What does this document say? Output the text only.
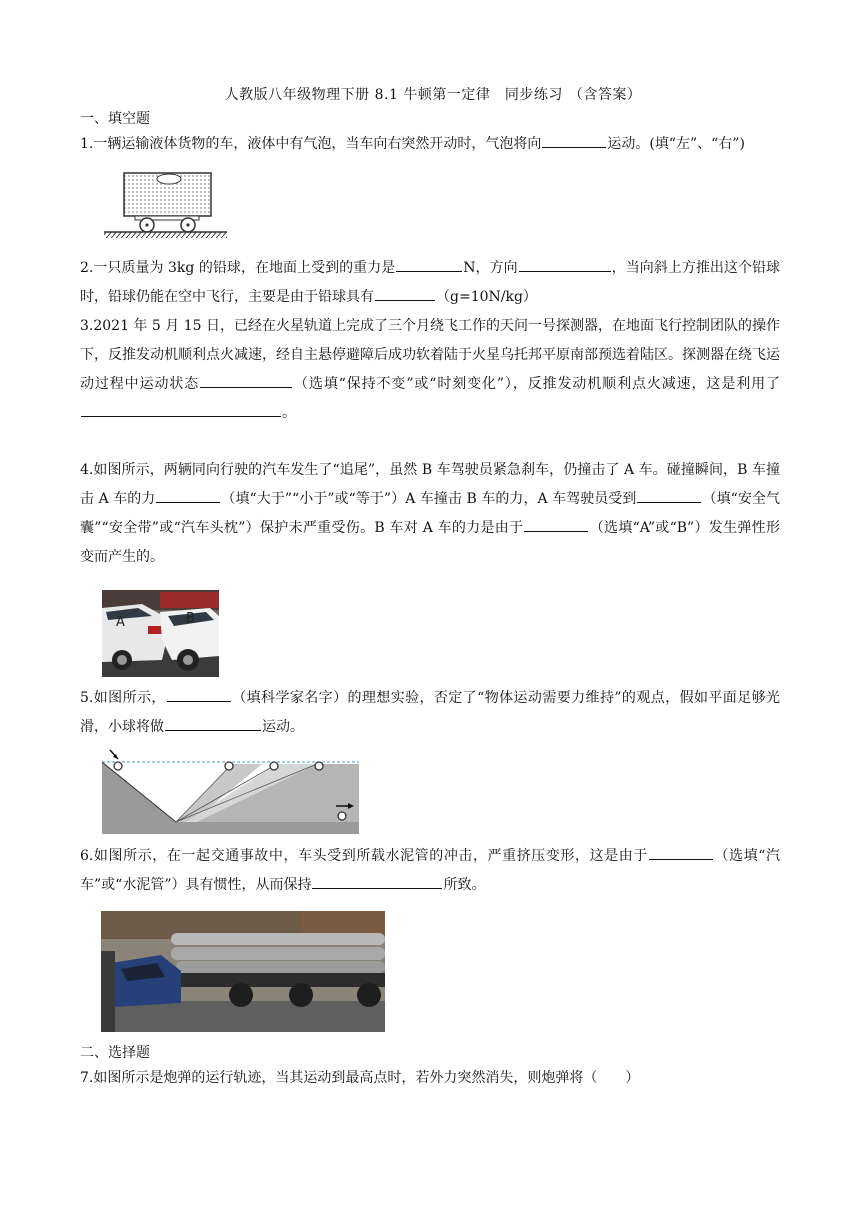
人教版八年级物理下册 8.1 牛顿第一定律　同步练习 （含答案）
一、填空题
1.一辆运输液体货物的车，液体中有气泡，当车向右突然开动时，气泡将向	运动。(填“左”、“右”)
2.一只质量为 3kg 的铅球，在地面上受到的重力是	N，方向	，当向斜上方推出这个铅球时，铅球仍能在空中飞行，主要是由于铅球具有	（g=10N/kg）
3.2021 年 5 月 15 日，已经在火星轨道上完成了三个月绕飞工作的天问一号探测器，在地面飞行控制团队的操作下，反推发动机顺利点火减速，经自主悬停避障后成功软着陆于火星乌托邦平原南部预选着陆区。探测器在绕飞运动过程中运动状态	（选填“保持不变”或“时刻变化”），反推发动机顺利点火减速，这是利用了。
4.如图所示，两辆同向行驶的汽车发生了“追尾”，虽然 B 车驾驶员紧急刹车，仍撞击了 A 车。碰撞瞬间，B 车撞击 A 车的力	（填“大于”“小于”或“等于”）A 车撞击 B 车的力，A 车驾驶员受到	（填“安全气囊”“安全带”或“汽车头枕”）保护未严重受伤。B 车对 A 车的力是由于	（选填“A”或“B”）发生弹性形变而产生的。
A	B
5.如图所示，	（填科学家名字）的理想实验，否定了“物体运动需要力维持”的观点，假如平面足够光滑，小球将做	运动。
6.如图所示，在一起交通事故中，车头受到所载水泥管的冲击，严重挤压变形，这是由于	（选填“汽车”或“水泥管”）具有惯性，从而保持	所致。
二、选择题
7.如图所示是炮弹的运行轨迹，当其运动到最高点时，若外力突然消失，则炮弹将（　　）
